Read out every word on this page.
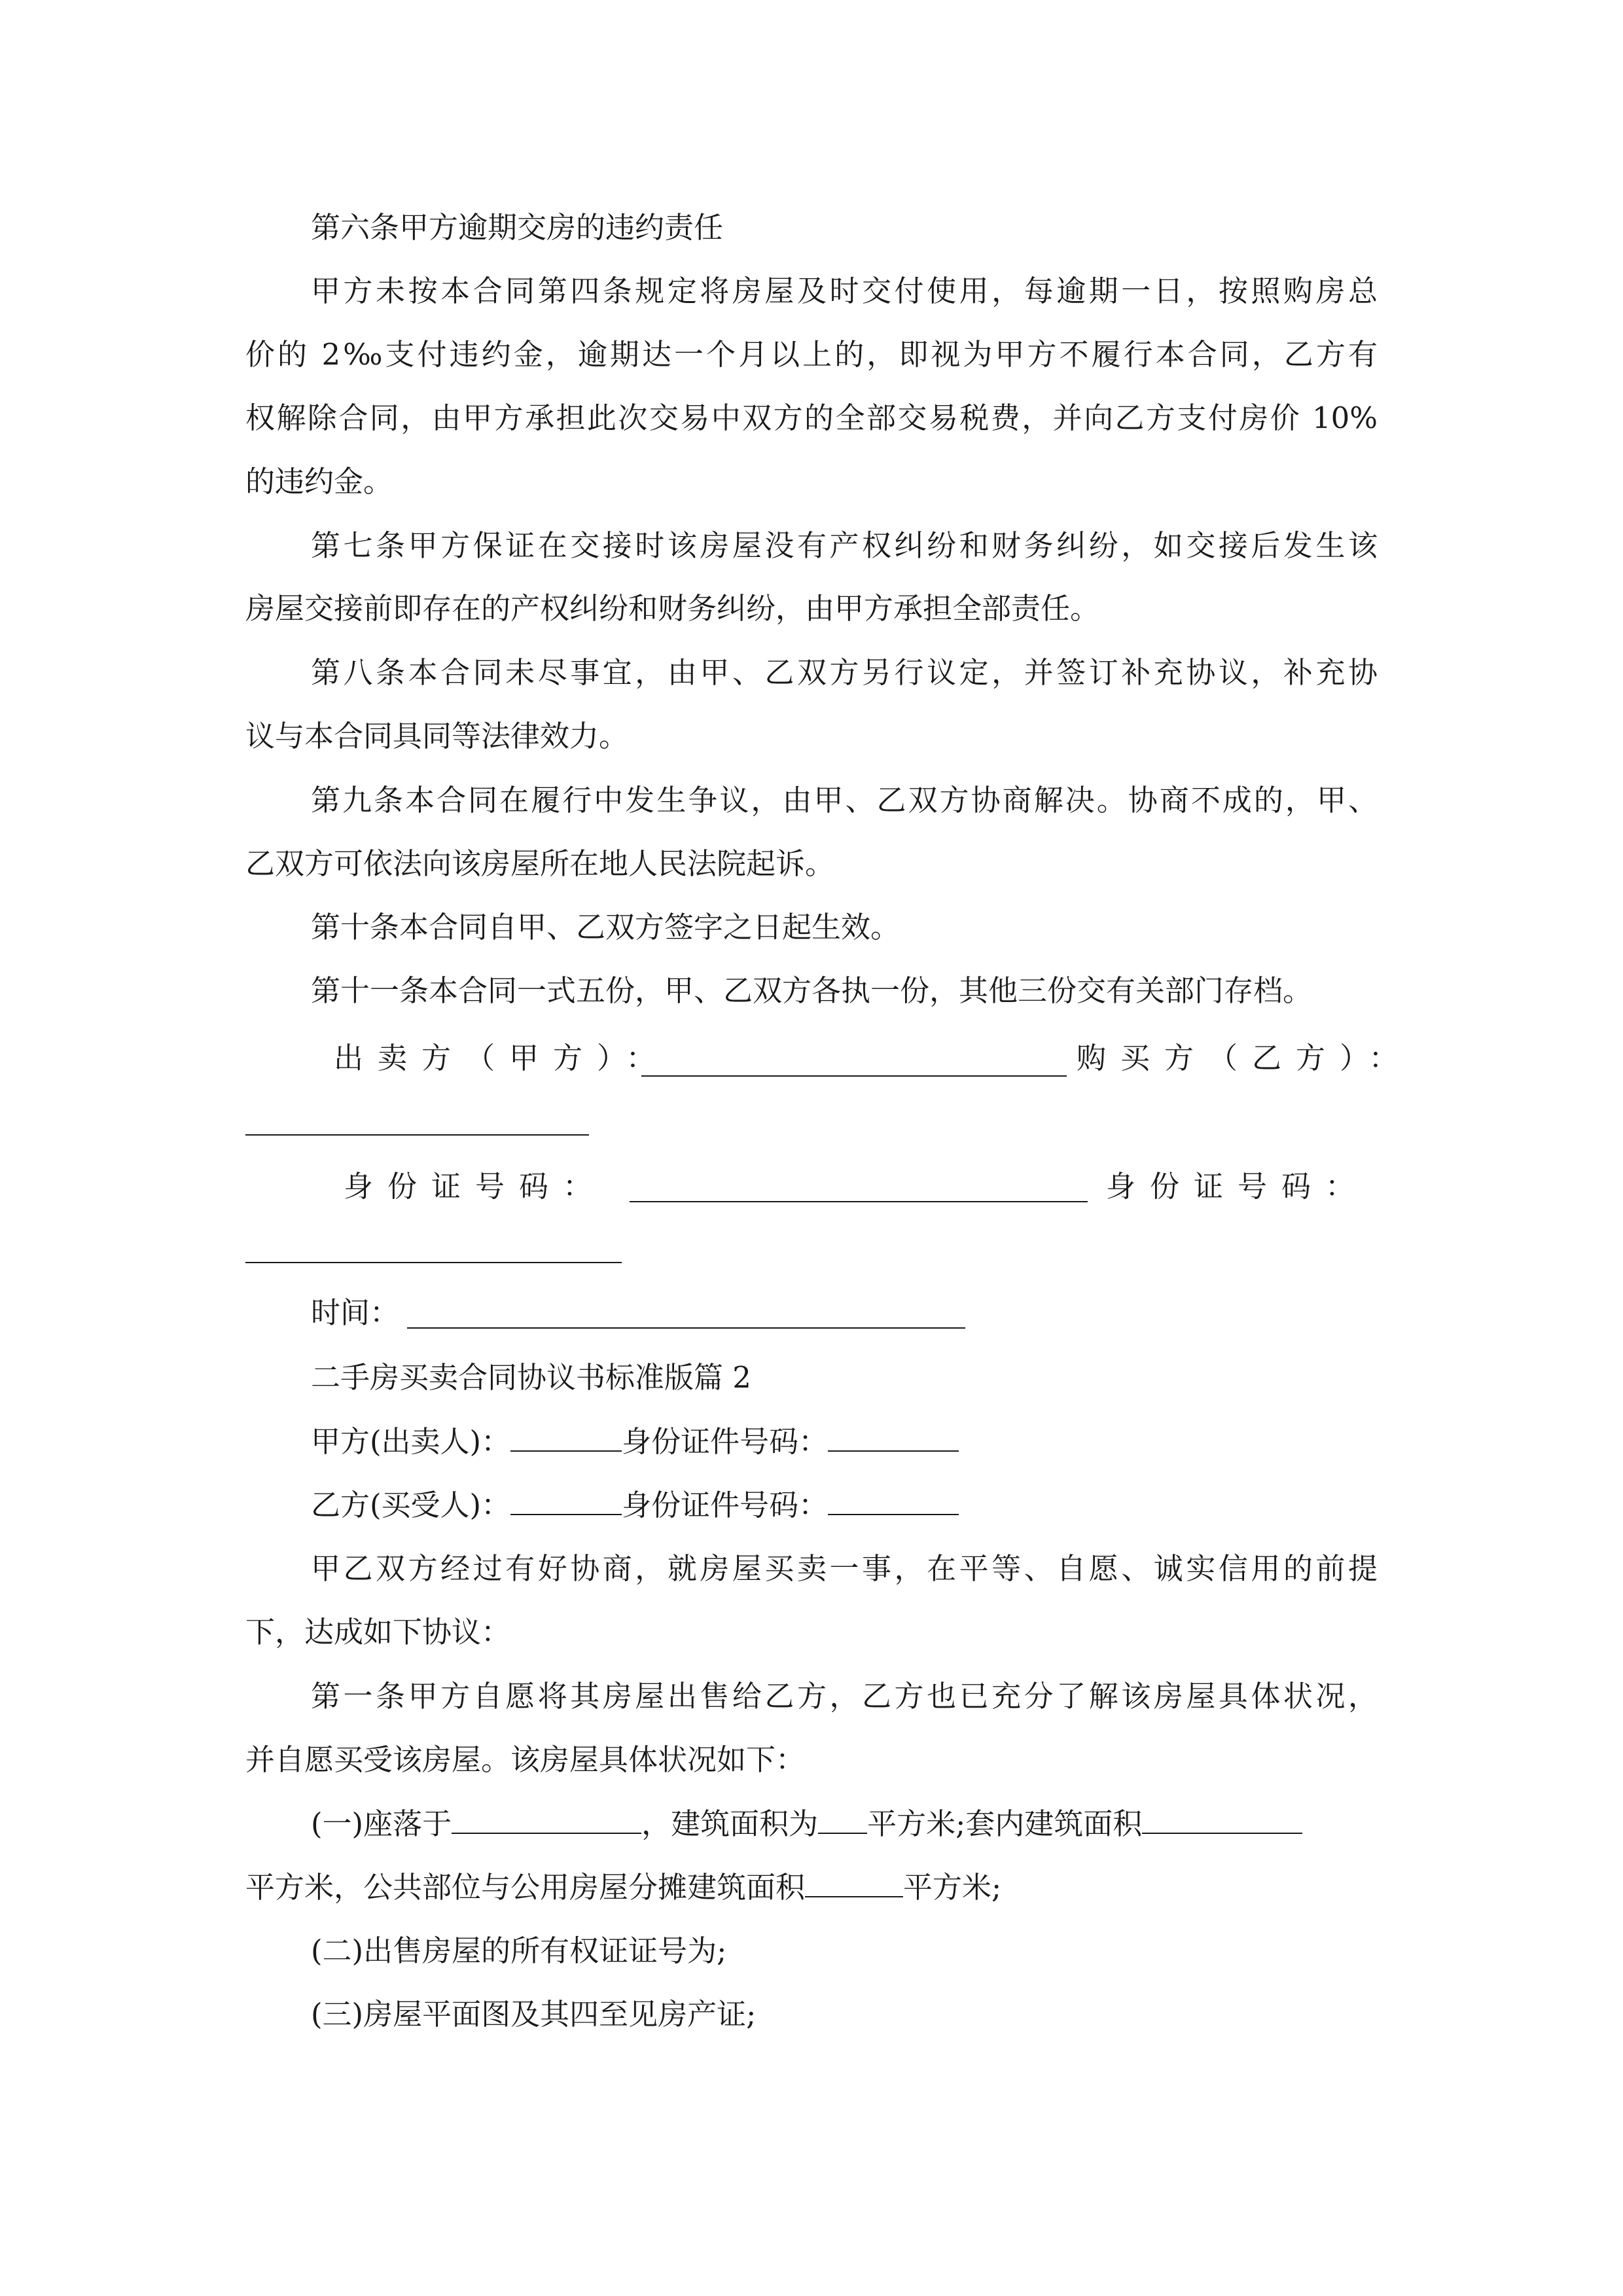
第六条甲方逾期交房的违约责任
甲方未按本合同第四条规定将房屋及时交付使用，每逾期一日，按照购房总
价的 2‰支付违约金，逾期达一个月以上的，即视为甲方不履行本合同，乙方有
权解除合同，由甲方承担此次交易中双方的全部交易税费，并向乙方支付房价 10%
的违约金。
第七条甲方保证在交接时该房屋没有产权纠纷和财务纠纷，如交接后发生该
房屋交接前即存在的产权纠纷和财务纠纷，由甲方承担全部责任。
第八条本合同未尽事宜，由甲、乙双方另行议定，并签订补充协议，补充协
议与本合同具同等法律效力。
第九条本合同在履行中发生争议，由甲、乙双方协商解决。协商不成的，甲、
乙双方可依法向该房屋所在地人民法院起诉。
第十条本合同自甲、乙双方签字之日起生效。
第十一条本合同一式五份，甲、乙双方各执一份，其他三份交有关部门存档。
出卖方（甲方）：	购买方（乙方）：
身份证号码：	身份证号码：
时间：
二手房买卖合同协议书标准版篇 2
甲方(出卖人)：	身份证件号码：
乙方(买受人)：	身份证件号码：
甲乙双方经过有好协商，就房屋买卖一事，在平等、自愿、诚实信用的前提
下，达成如下协议：
第一条甲方自愿将其房屋出售给乙方，乙方也已充分了解该房屋具体状况，
并自愿买受该房屋。该房屋具体状况如下：
(一)座落于	，建筑面积为 平方米;套内建筑面积
平方米，公共部位与公用房屋分摊建筑面积	平方米;
(二)出售房屋的所有权证证号为;
(三)房屋平面图及其四至见房产证;
